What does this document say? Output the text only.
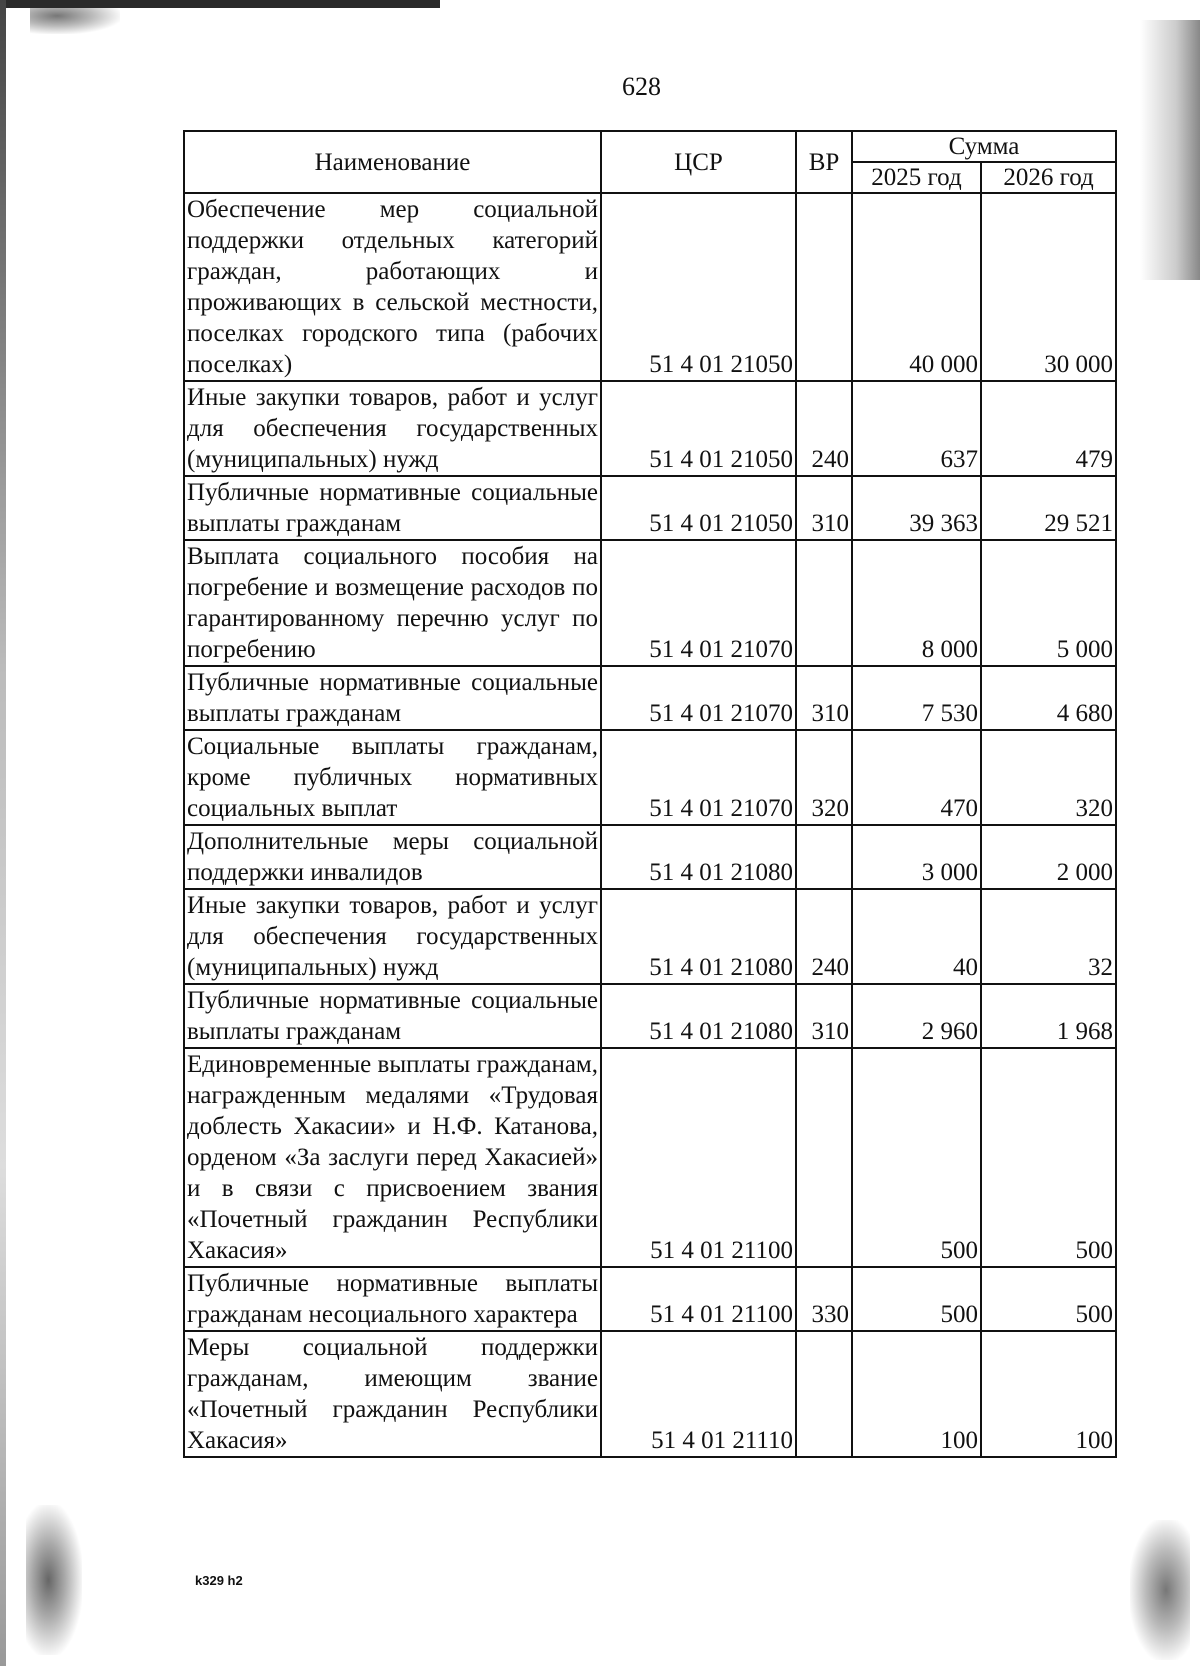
628
Наименование	ЦСР	ВР	Сумма	
			2025 год	2026 год
Обеспечение мер социальной поддержки отдельных категорий граждан, работающих и проживающих в сельской местности, поселках городского типа (рабочих поселках)	51 4 01 21050		40 000	30 000
Иные закупки товаров, работ и услуг для обеспечения государственных (муниципальных) нужд	51 4 01 21050	240	637	479
Публичные нормативные социальные выплаты гражданам	51 4 01 21050	310	39 363	29 521
Выплата социального пособия на погребение и возмещение расходов по гарантированному перечню услуг по погребению	51 4 01 21070		8 000	5 000
Публичные нормативные социальные выплаты гражданам	51 4 01 21070	310	7 530	4 680
Социальные выплаты гражданам, кроме публичных нормативных социальных выплат	51 4 01 21070	320	470	320
Дополнительные меры социальной поддержки инвалидов	51 4 01 21080		3 000	2 000
Иные закупки товаров, работ и услуг для обеспечения государственных (муниципальных) нужд	51 4 01 21080	240	40	32
Публичные нормативные социальные выплаты гражданам	51 4 01 21080	310	2 960	1 968
Единовременные выплаты гражданам, награжденным медалями «Трудовая доблесть Хакасии» и Н.Ф. Катанова, орденом «За заслуги перед Хакасией» и в связи с присвоением звания «Почетный гражданин Республики Хакасия»	51 4 01 21100		500	500
Публичные нормативные выплаты гражданам несоциального характера	51 4 01 21100	330	500	500
Меры социальной поддержки гражданам, имеющим звание «Почетный гражданин Республики Хакасия»	51 4 01 21110		100	100
k329 h2
